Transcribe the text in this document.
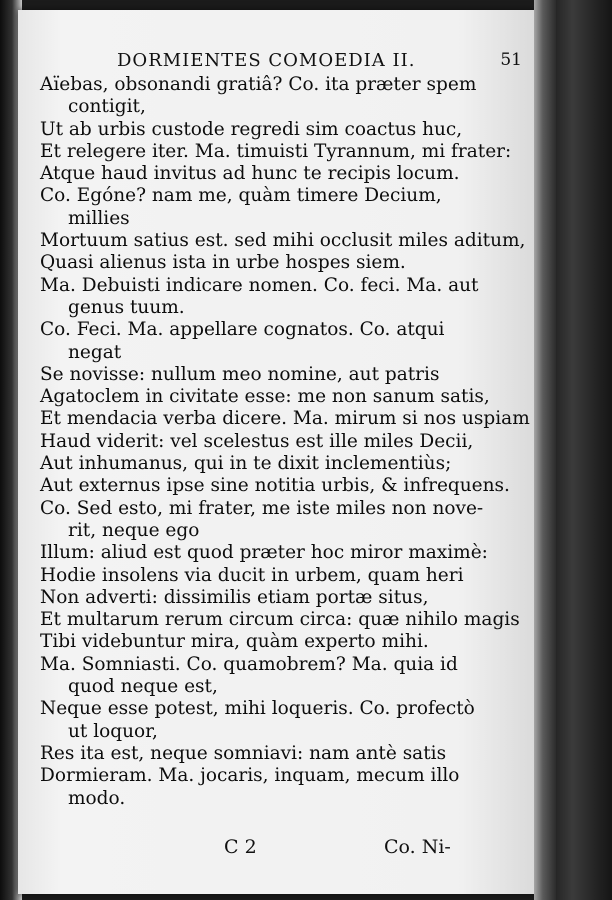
DORMIENTES COMOEDIA II.	51
Aïebas, obsonandi gratiâ? Co. ita præter spem
contigit,
Ut ab urbis custode regredi sim coactus huc,
Et relegere iter. Ma. timuisti Tyrannum, mi frater:
Atque haud invitus ad hunc te recipis locum.
Co. Egóne? nam me, quàm timere Decium,
millies
Mortuum satius est. sed mihi occlusit miles aditum,
Quasi alienus ista in urbe hospes siem.
Ma. Debuisti indicare nomen. Co. feci. Ma. aut
genus tuum.
Co. Feci. Ma. appellare cognatos. Co. atqui
negat
Se novisse: nullum meo nomine, aut patris
Agatoclem in civitate esse: me non sanum satis,
Et mendacia verba dicere. Ma. mirum si nos uspiam
Haud viderit: vel scelestus est ille miles Decii,
Aut inhumanus, qui in te dixit inclementiùs;
Aut externus ipse sine notitia urbis, & infrequens.
Co. Sed esto, mi frater, me iste miles non nove-
rit, neque ego
Illum: aliud est quod præter hoc miror maximè:
Hodie insolens via ducit in urbem, quam heri
Non adverti: dissimilis etiam portæ situs,
Et multarum rerum circum circa: quæ nihilo magis
Tibi videbuntur mira, quàm experto mihi.
Ma. Somniasti. Co. quamobrem? Ma. quia id
quod neque est,
Neque esse potest, mihi loqueris. Co. profectò
ut loquor,
Res ita est, neque somniavi: nam antè satis
Dormieram. Ma. jocaris, inquam, mecum illo
modo.
C 2	Co. Ni-
